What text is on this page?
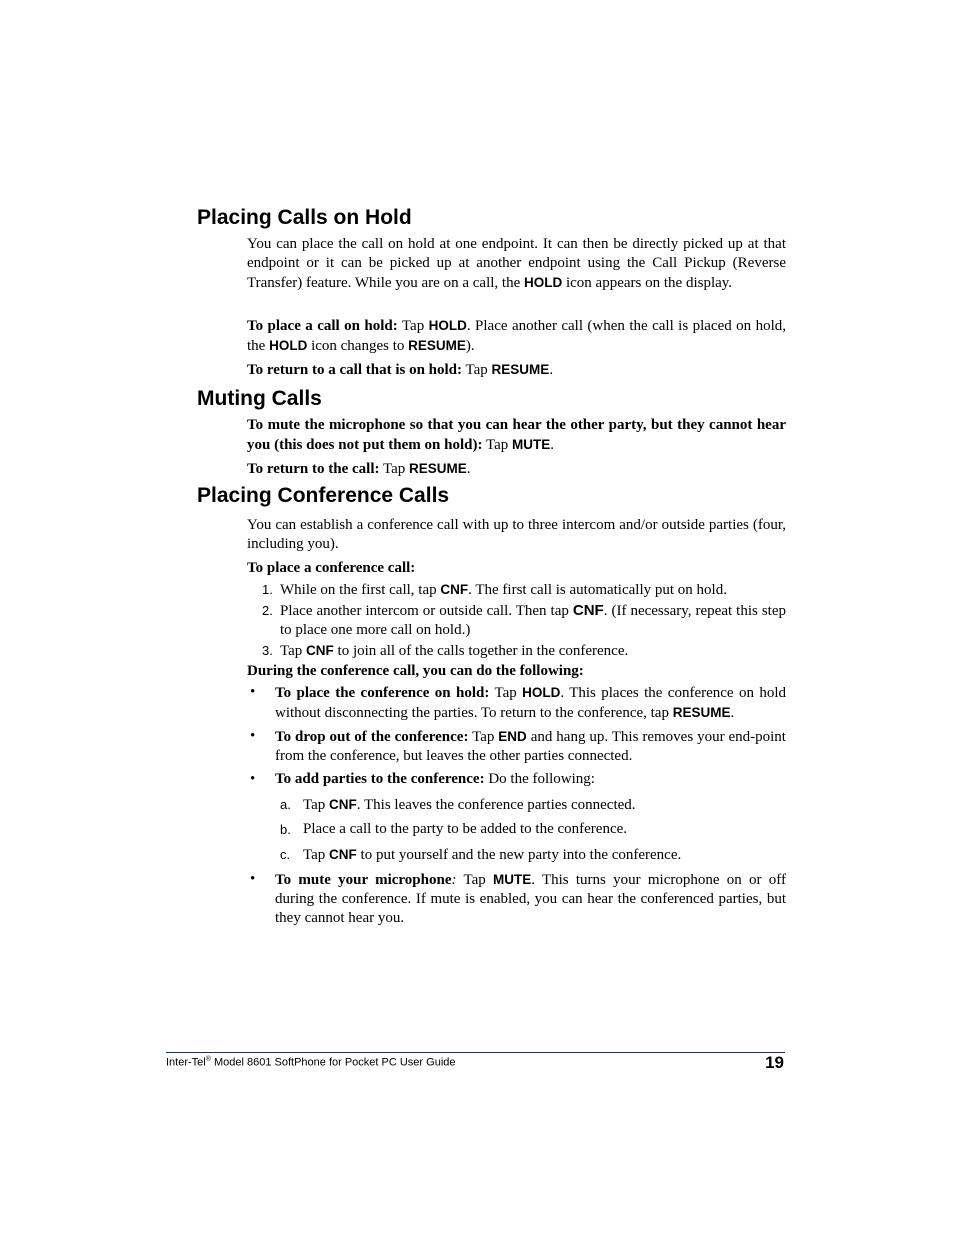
Placing Calls on Hold
You can place the call on hold at one endpoint. It can then be directly picked up at that endpoint or it can be picked up at another endpoint using the Call Pickup (Reverse Transfer) feature. While you are on a call, the HOLD icon appears on the display.
To place a call on hold: Tap HOLD. Place another call (when the call is placed on hold, the HOLD icon changes to RESUME).
To return to a call that is on hold: Tap RESUME.
Muting Calls
To mute the microphone so that you can hear the other party, but they cannot hear you (this does not put them on hold): Tap MUTE.
To return to the call: Tap RESUME.
Placing Conference Calls
You can establish a conference call with up to three intercom and/or outside parties (four, including you).
To place a conference call:
1. While on the first call, tap CNF. The first call is automatically put on hold.
2. Place another intercom or outside call. Then tap CNF. (If necessary, repeat this step to place one more call on hold.)
3. Tap CNF to join all of the calls together in the conference.
During the conference call, you can do the following:
• To place the conference on hold: Tap HOLD. This places the conference on hold without disconnecting the parties. To return to the conference, tap RESUME.
• To drop out of the conference: Tap END and hang up. This removes your end-point from the conference, but leaves the other parties connected.
• To add parties to the conference: Do the following:
a. Tap CNF. This leaves the conference parties connected.
b. Place a call to the party to be added to the conference.
c. Tap CNF to put yourself and the new party into the conference.
• To mute your microphone: Tap MUTE. This turns your microphone on or off during the conference. If mute is enabled, you can hear the conferenced parties, but they cannot hear you.
Inter-Tel® Model 8601 SoftPhone for Pocket PC User Guide	19
